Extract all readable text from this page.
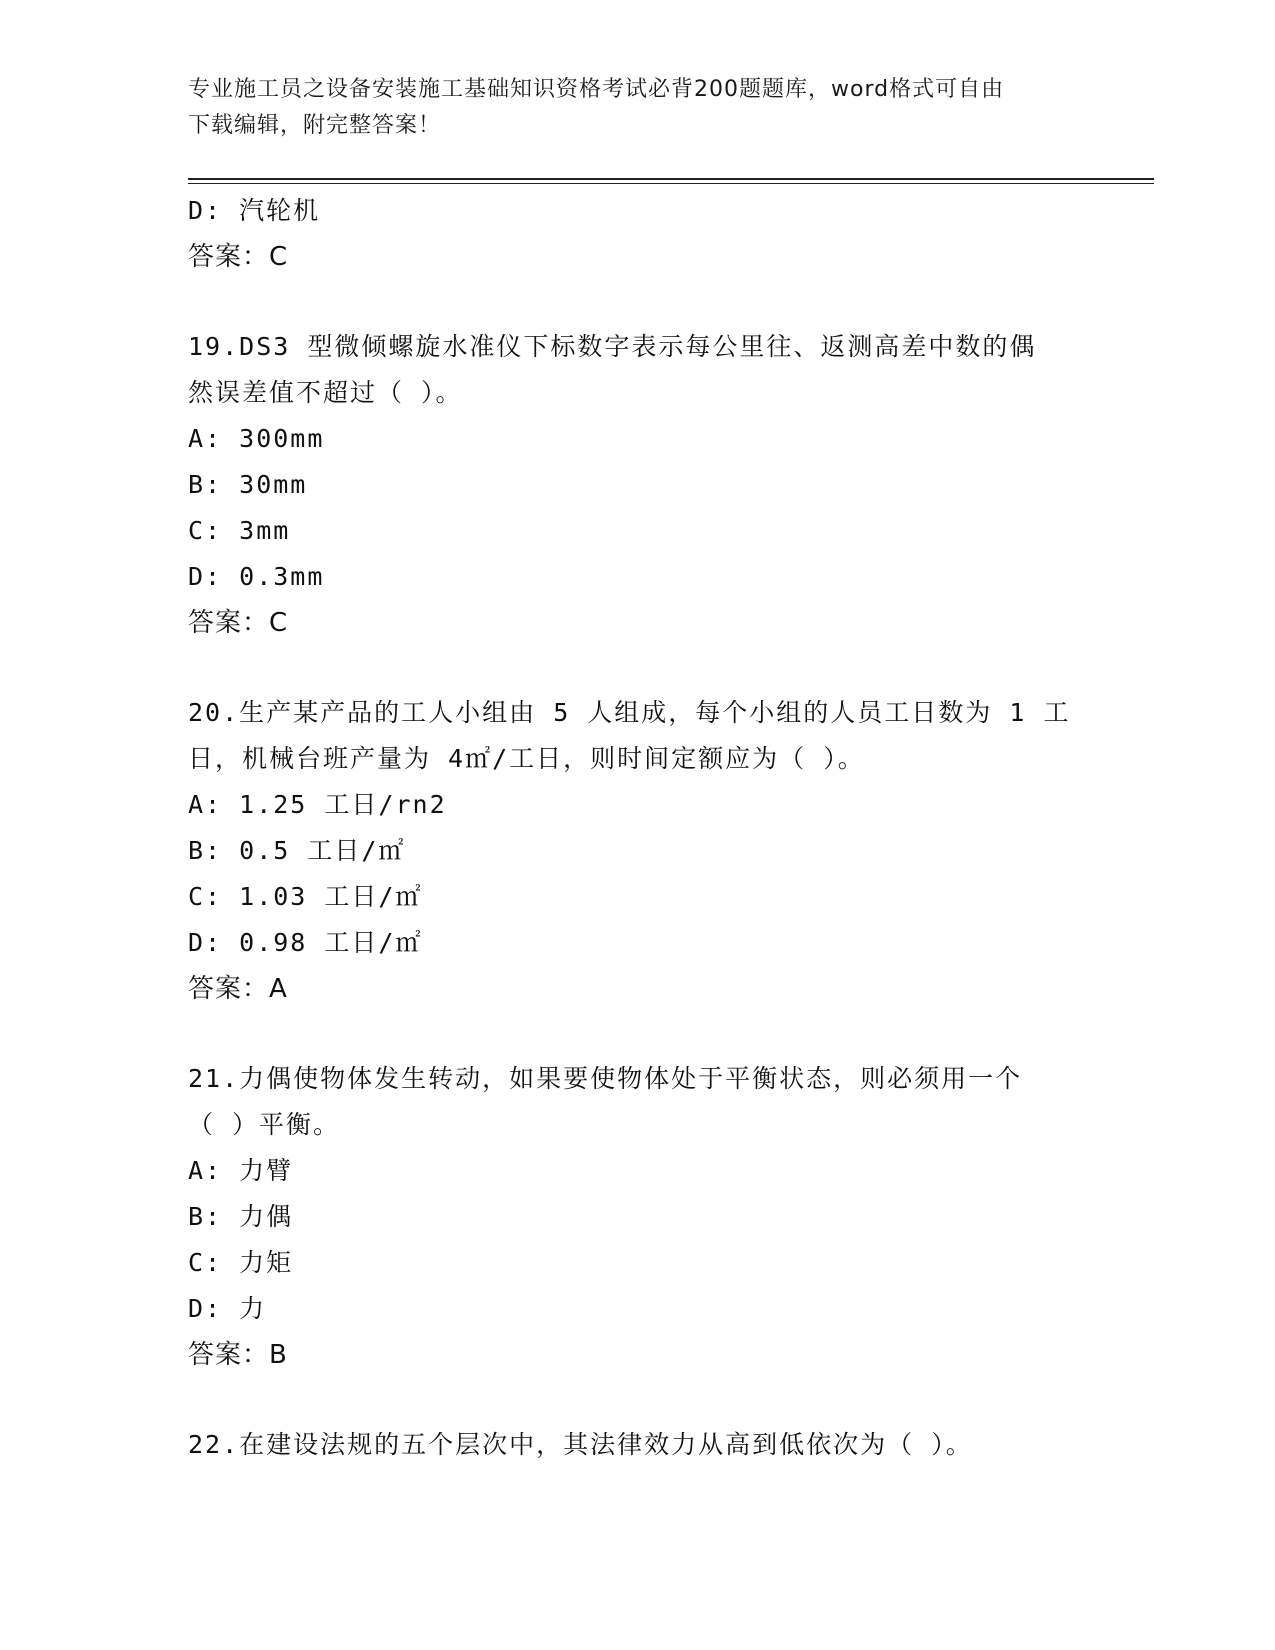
专业施工员之设备安装施工基础知识资格考试必背200题题库，word格式可自由
下载编辑，附完整答案！
D: 汽轮机
答案：C
19.DS3 型微倾螺旋水准仪下标数字表示每公里往、返测高差中数的偶
然误差值不超过（ ）。
A: 300mm
B: 30mm
C: 3mm
D: 0.3mm
答案：C
20.生产某产品的工人小组由 5 人组成，每个小组的人员工日数为 1 工
日，机械台班产量为 4㎡/工日，则时间定额应为（ ）。
A: 1.25 工日/rn2
B: 0.5 工日/㎡
C: 1.03 工日/㎡
D: 0.98 工日/㎡
答案：A
21.力偶使物体发生转动，如果要使物体处于平衡状态，则必须用一个
（ ）平衡。
A: 力臂
B: 力偶
C: 力矩
D: 力
答案：B
22.在建设法规的五个层次中，其法律效力从高到低依次为（ ）。
